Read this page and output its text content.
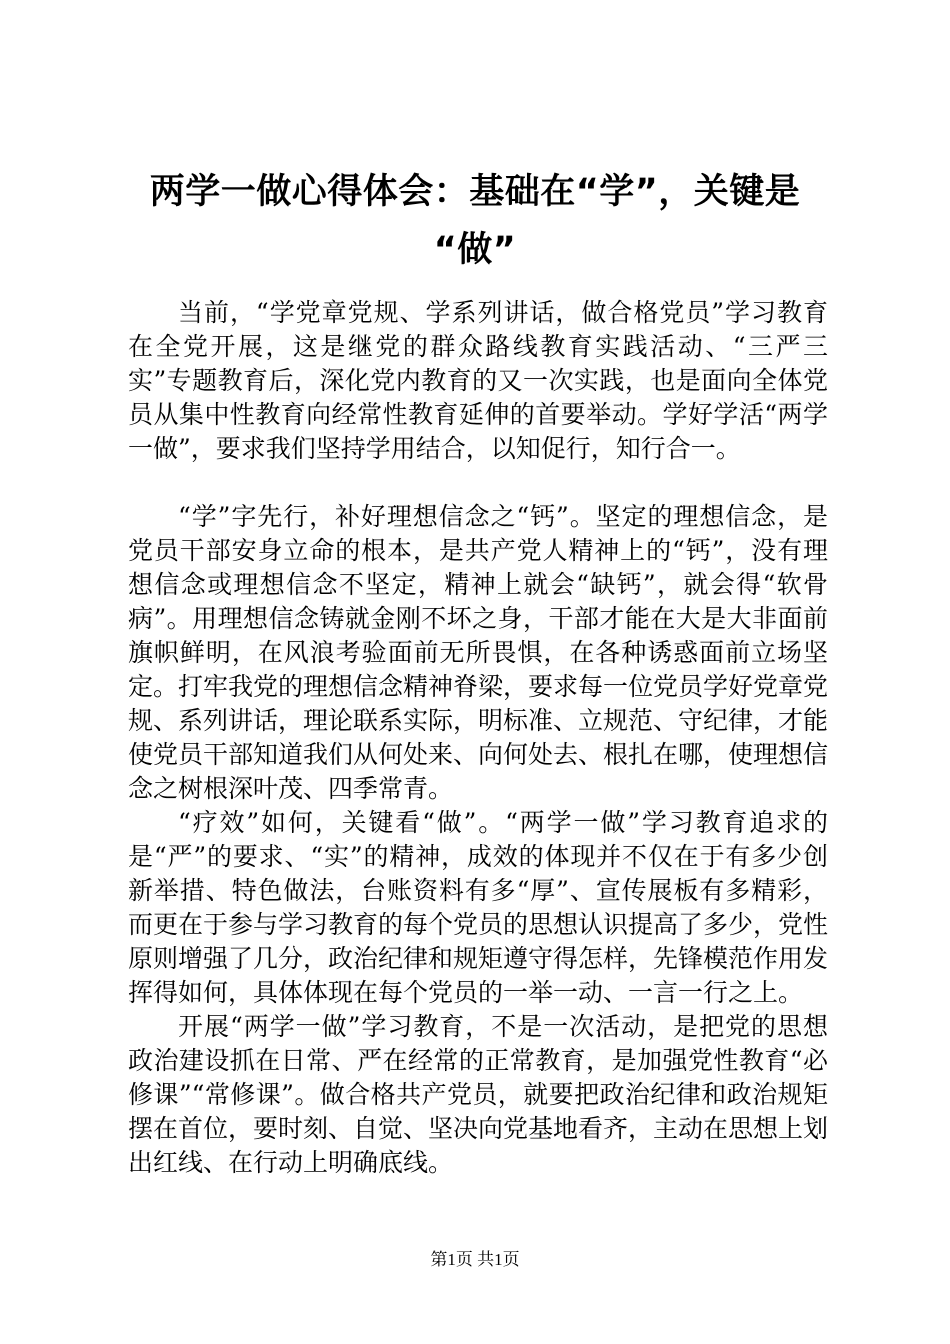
两学一做心得体会：基础在“学”，关键是
“做”

当前，“学党章党规、学系列讲话，做合格党员”学习教育在全党开展，这是继党的群众路线教育实践活动、“三严三实”专题教育后，深化党内教育的又一次实践，也是面向全体党员从集中性教育向经常性教育延伸的首要举动。学好学活“两学一做”，要求我们坚持学用结合，以知促行，知行合一。

“学”字先行，补好理想信念之“钙”。坚定的理想信念，是党员干部安身立命的根本，是共产党人精神上的“钙”，没有理想信念或理想信念不坚定，精神上就会“缺钙”，就会得“软骨病”。用理想信念铸就金刚不坏之身，干部才能在大是大非面前旗帜鲜明，在风浪考验面前无所畏惧，在各种诱惑面前立场坚定。打牢我党的理想信念精神脊梁，要求每一位党员学好党章党规、系列讲话，理论联系实际，明标准、立规范、守纪律，才能使党员干部知道我们从何处来、向何处去、根扎在哪，使理想信念之树根深叶茂、四季常青。

“疗效”如何，关键看“做”。“两学一做”学习教育追求的是“严”的要求、“实”的精神，成效的体现并不仅在于有多少创新举措、特色做法，台账资料有多“厚”、宣传展板有多精彩，而更在于参与学习教育的每个党员的思想认识提高了多少，党性原则增强了几分，政治纪律和规矩遵守得怎样，先锋模范作用发挥得如何，具体体现在每个党员的一举一动、一言一行之上。

开展“两学一做”学习教育，不是一次活动，是把党的思想政治建设抓在日常、严在经常的正常教育，是加强党性教育“必修课”“常修课”。做合格共产党员，就要把政治纪律和政治规矩摆在首位，要时刻、自觉、坚决向党基地看齐，主动在思想上划出红线、在行动上明确底线。

第1页 共1页
